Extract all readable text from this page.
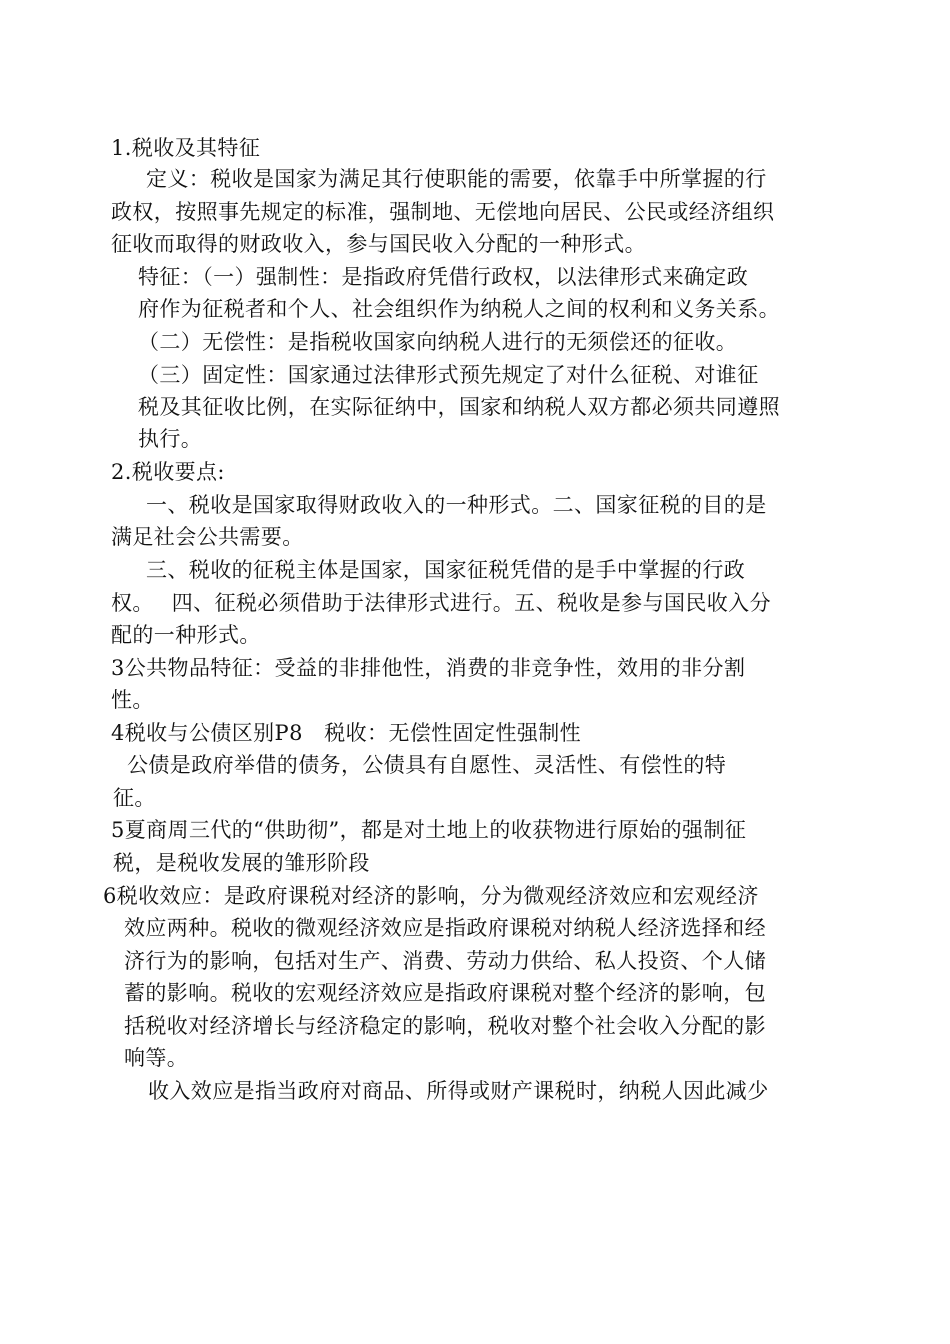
1.税收及其特征
定义：税收是国家为满足其行使职能的需要，依靠手中所掌握的行
政权，按照事先规定的标准，强制地、无偿地向居民、公民或经济组织
征收而取得的财政收入，参与国民收入分配的一种形式。
特征：（一）强制性：是指政府凭借行政权，以法律形式来确定政
府作为征税者和个人、社会组织作为纳税人之间的权利和义务关系。
（二）无偿性：是指税收国家向纳税人进行的无须偿还的征收。
（三）固定性：国家通过法律形式预先规定了对什么征税、对谁征
税及其征收比例，在实际征纳中，国家和纳税人双方都必须共同遵照
执行。
2.税收要点:
一、税收是国家取得财政收入的一种形式。二、国家征税的目的是
满足社会公共需要。
三、税收的征税主体是国家，国家征税凭借的是手中掌握的行政
权。　 四、征税必须借助于法律形式进行。五、税收是参与国民收入分
配的一种形式。
3公共物品特征：受益的非排他性，消费的非竞争性，效用的非分割
性。
4税收与公债区别P8　税收：无偿性固定性强制性
公债是政府举借的债务，公债具有自愿性、灵活性、有偿性的特
征。
5夏商周三代的“供助彻”，都是对土地上的收获物进行原始的强制征
税，是税收发展的雏形阶段
6税收效应：是政府课税对经济的影响，分为微观经济效应和宏观经济
效应两种。税收的微观经济效应是指政府课税对纳税人经济选择和经
济行为的影响，包括对生产、消费、劳动力供给、私人投资、个人储
蓄的影响。税收的宏观经济效应是指政府课税对整个经济的影响，包
括税收对经济增长与经济稳定的影响，税收对整个社会收入分配的影
响等。
收入效应是指当政府对商品、所得或财产课税时，纳税人因此减少
